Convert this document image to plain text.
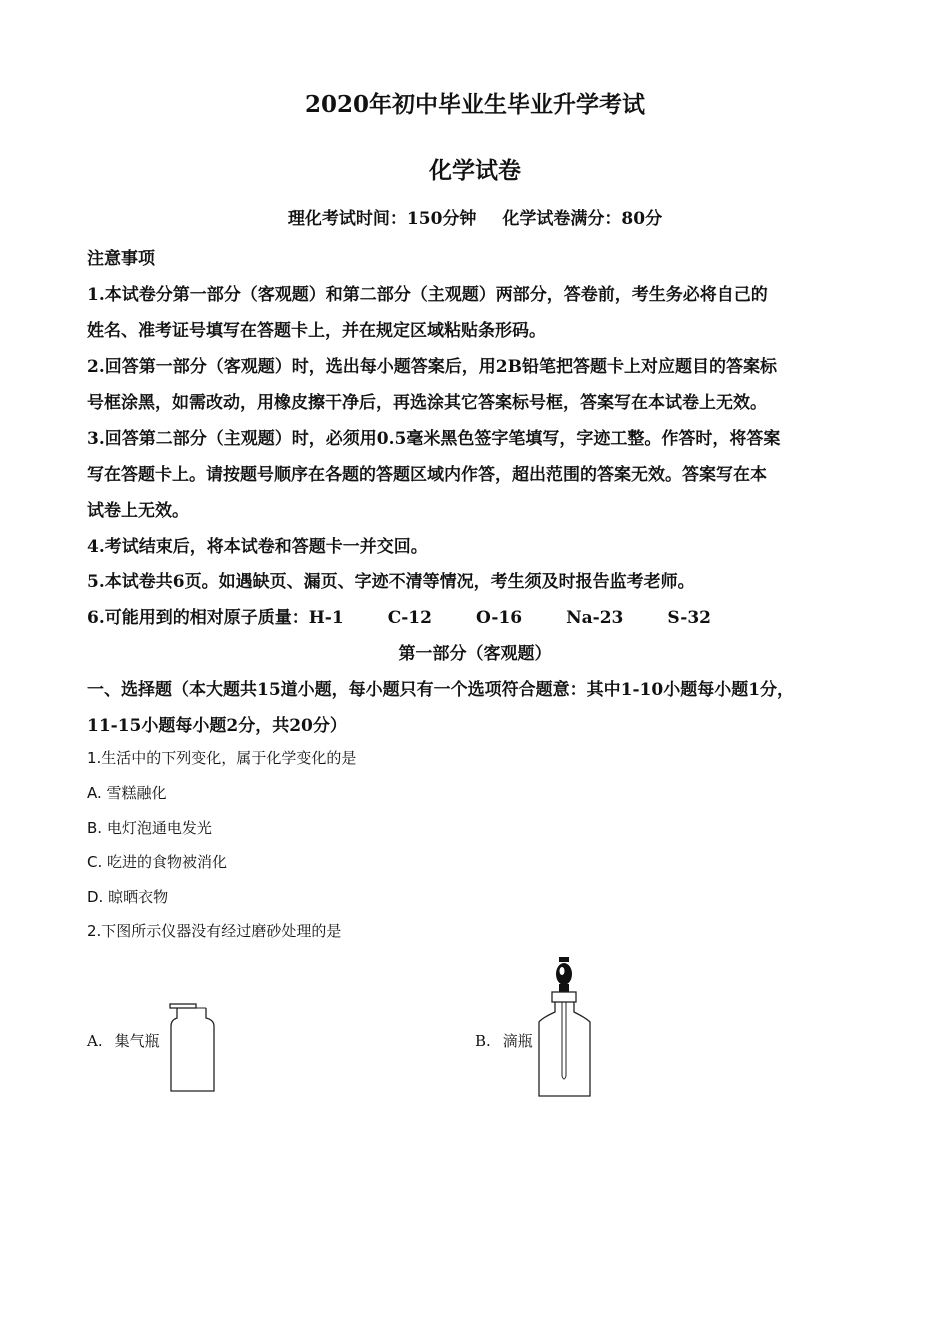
2020年初中毕业生毕业升学考试
化学试卷
理化考试时间：150分钟 化学试卷满分：80分
注意事项
1.本试卷分第一部分（客观题）和第二部分（主观题）两部分，答卷前，考生务必将自己的
姓名、准考证号填写在答题卡上，并在规定区域粘贴条形码。
2.回答第一部分（客观题）时，选出每小题答案后，用2B铅笔把答题卡上对应题目的答案标
号框涂黑，如需改动，用橡皮擦干净后，再选涂其它答案标号框，答案写在本试卷上无效。
3.回答第二部分（主观题）时，必须用0.5毫米黑色签字笔填写，字迹工整。作答时，将答案
写在答题卡上。请按题号顺序在各题的答题区域内作答，超出范围的答案无效。答案写在本
试卷上无效。
4.考试结束后，将本试卷和答题卡一并交回。
5.本试卷共6页。如遇缺页、漏页、字迹不清等情况，考生须及时报告监考老师。
6.可能用到的相对原子质量：H-1	C-12	O-16	Na-23	S-32
第一部分（客观题）
一、选择题（本大题共15道小题，每小题只有一个选项符合题意：其中1-10小题每小题1分，
11-15小题每小题2分，共20分）
1.生活中的下列变化，属于化学变化的是
A. 雪糕融化
B. 电灯泡通电发光
C. 吃进的食物被消化
D. 晾晒衣物
2.下图所示仪器没有经过磨砂处理的是
A. 集气瓶	B. 滴瓶
